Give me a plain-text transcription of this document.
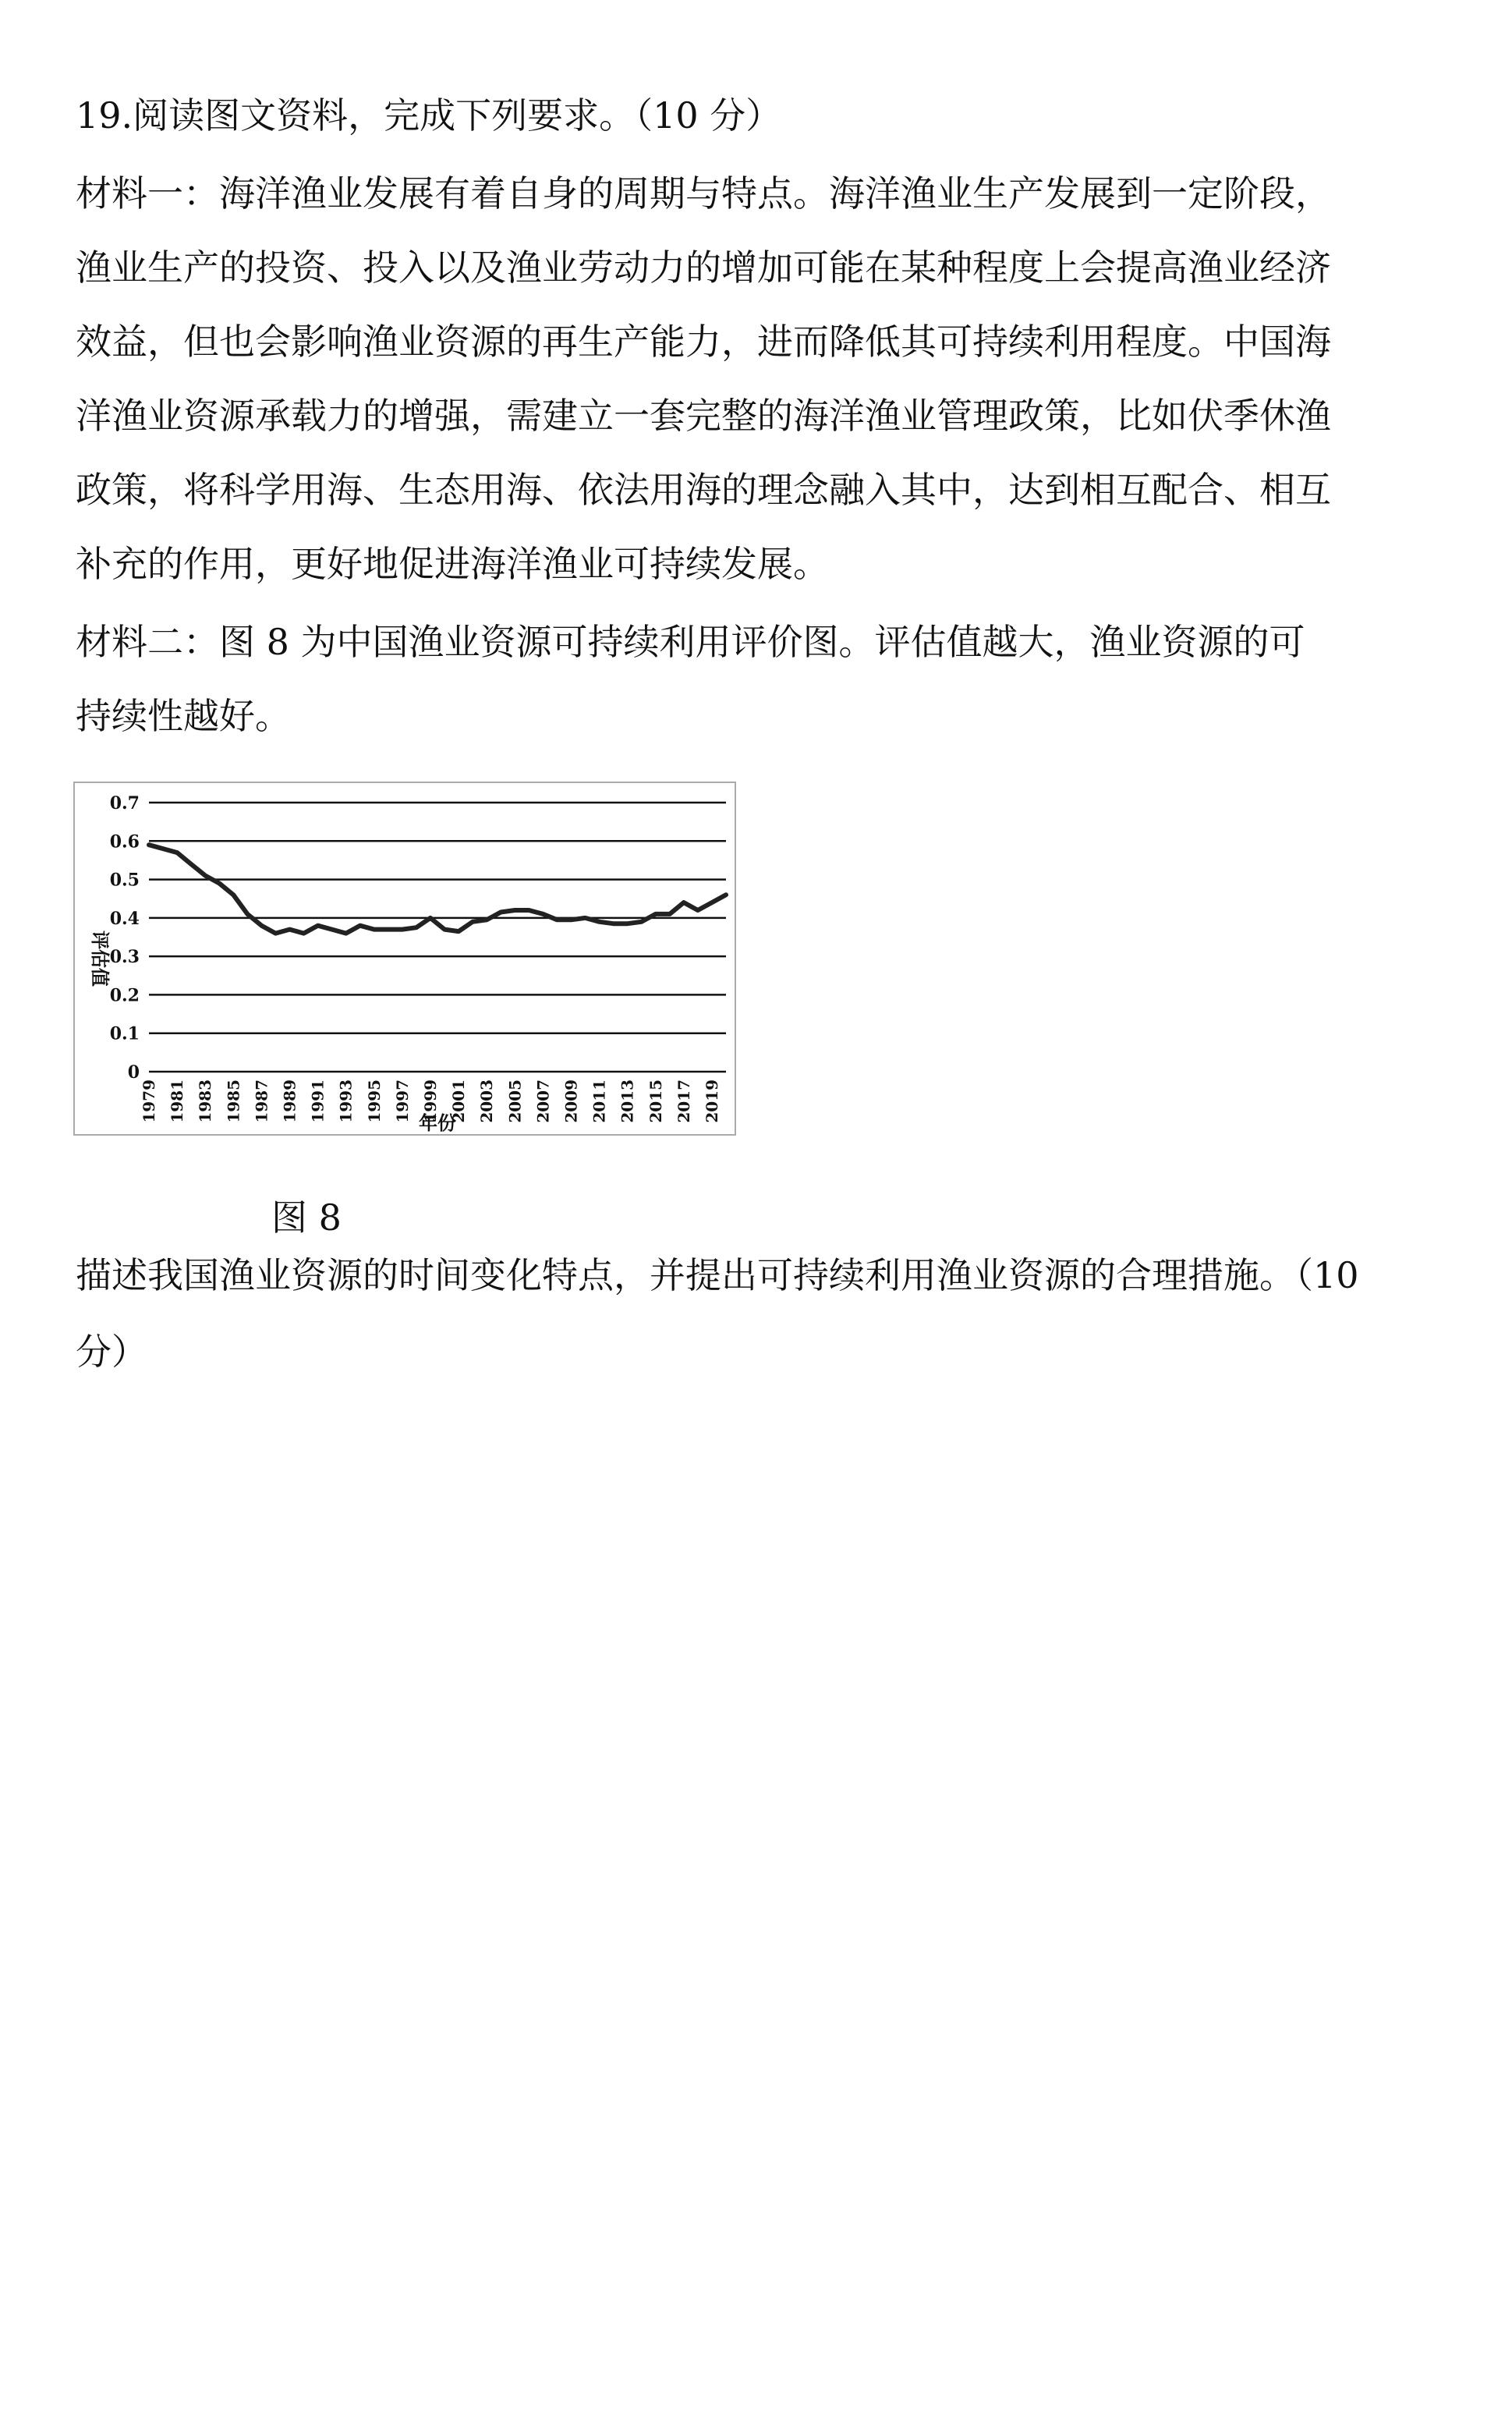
19.阅读图文资料，完成下列要求。（10 分）
材料一：海洋渔业发展有着自身的周期与特点。海洋渔业生产发展到一定阶段，
渔业生产的投资、投入以及渔业劳动力的增加可能在某种程度上会提高渔业经济
效益，但也会影响渔业资源的再生产能力，进而降低其可持续利用程度。中国海
洋渔业资源承载力的增强，需建立一套完整的海洋渔业管理政策，比如伏季休渔
政策，将科学用海、生态用海、依法用海的理念融入其中，达到相互配合、相互
补充的作用，更好地促进海洋渔业可持续发展。
材料二：图 8 为中国渔业资源可持续利用评价图。评估值越大，渔业资源的可
持续性越好。
0
0.1
0.2
0.3
0.4
0.5
0.6
0.7
1979 1981 1983 1985 1987 1989 1991 1993 1995 1997 1999 2001 2003 2005 2007 2009 2011 2013 2015 2017 2019
评估值
年份
图 8
描述我国渔业资源的时间变化特点，并提出可持续利用渔业资源的合理措施。（10
分）
